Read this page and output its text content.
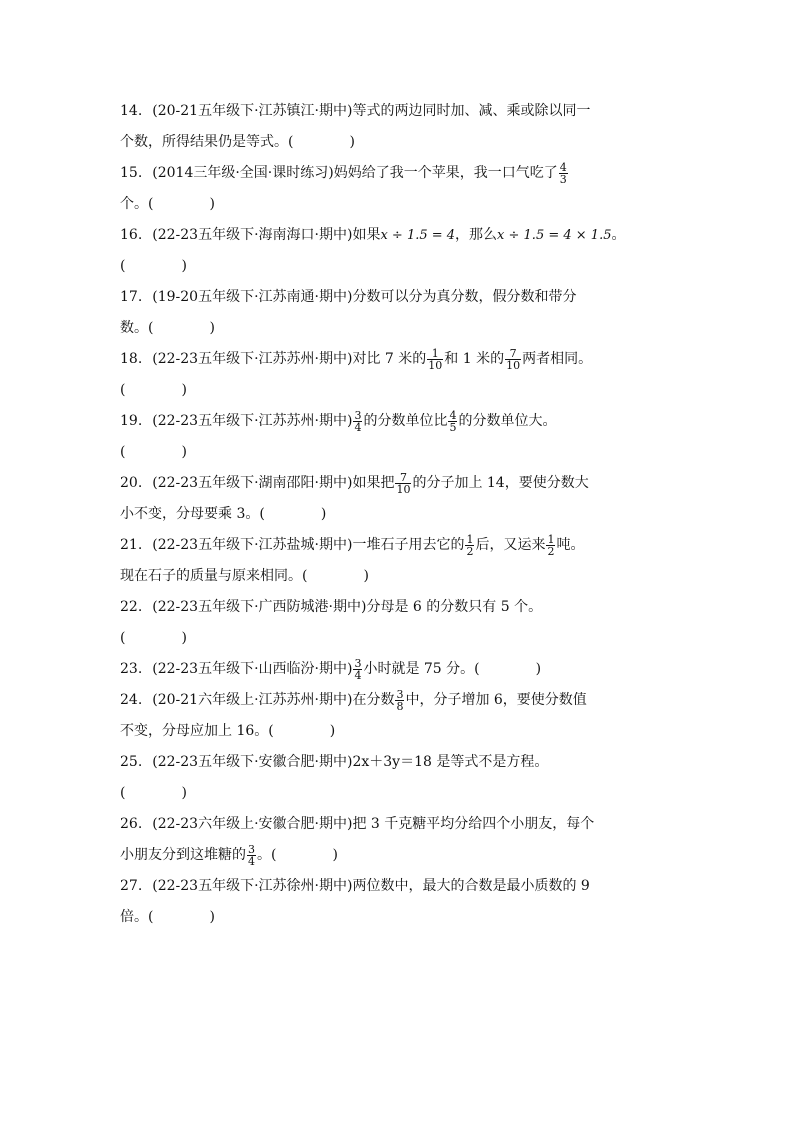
14. (20-21五年级下·江苏镇江·期中)等式的两边同时加、减、乘或除以同一
个数，所得结果仍是等式。(	)
15. (2014三年级·全国·课时练习)妈妈给了我一个苹果，我一口气吃了 $\frac{4}{3}$
个。(	)
16. (22-23五年级下·海南海口·期中)如果x ÷ 1.5 = 4，那么x ÷ 1.5 = 4 × 1.5。
(	)
17. (19-20五年级下·江苏南通·期中)分数可以分为真分数，假分数和带分
数。(	)
18. (22-23五年级下·江苏苏州·期中)对比 7 米的 $\frac{1}{10}$ 和 1 米的 $\frac{7}{10}$ 两者相同。
(	)
19. (22-23五年级下·江苏苏州·期中) $\frac{3}{4}$ 的分数单位比 $\frac{4}{5}$ 的分数单位大。
(	)
20. (22-23五年级下·湖南邵阳·期中)如果把 $\frac{7}{10}$ 的分子加上 14，要使分数大
小不变，分母要乘 3。(	)
21. (22-23五年级下·江苏盐城·期中)一堆石子用去它的 $\frac{1}{2}$ 后，又运来 $\frac{1}{2}$ 吨。
现在石子的质量与原来相同。(	)
22. (22-23五年级下·广西防城港·期中)分母是 6 的分数只有 5 个。
(	)
23. (22-23五年级下·山西临汾·期中) $\frac{3}{4}$ 小时就是 75 分。(	)
24. (20-21六年级上·江苏苏州·期中)在分数 $\frac{3}{8}$ 中，分子增加 6，要使分数值
不变，分母应加上 16。(	)
25. (22-23五年级下·安徽合肥·期中)2x＋3y＝18 是等式不是方程。
(	)
26. (22-23六年级上·安徽合肥·期中)把 3 千克糖平均分给四个小朋友，每个
小朋友分到这堆糖的 $\frac{3}{4}$ 。(	)
27. (22-23五年级下·江苏徐州·期中)两位数中，最大的合数是最小质数的 9
倍。(	)
